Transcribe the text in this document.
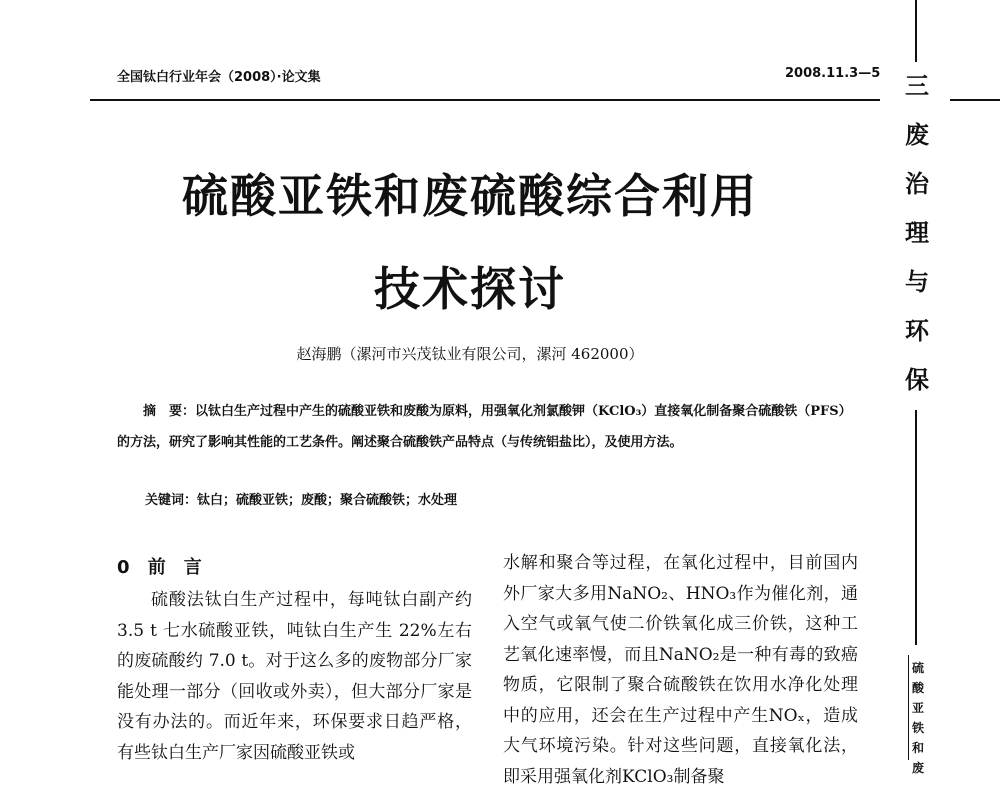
全国钛白行业年会（2008）·论文集	2008.11.3—5
硫酸亚铁和废硫酸综合利用
技术探讨
赵海鹏（漯河市兴茂钛业有限公司，漯河 462000）
摘　要：以钛白生产过程中产生的硫酸亚铁和废酸为原料，用强氧化剂氯酸钾（KClO₃）直接氧化制备聚合硫酸铁（PFS）的方法，研究了影响其性能的工艺条件。阐述聚合硫酸铁产品特点（与传统铝盐比），及使用方法。
关键词：钛白；硫酸亚铁；废酸；聚合硫酸铁；水处理
0 前　言
硫酸法钛白生产过程中，每吨钛白副产约 3.5 t 七水硫酸亚铁，吨钛白生产生 22%左右的废硫酸约 7.0 t。对于这么多的废物部分厂家能处理一部分（回收或外卖），但大部分厂家是没有办法的。而近年来，环保要求日趋严格，有些钛白生产厂家因硫酸亚铁或
水解和聚合等过程，在氧化过程中，目前国内外厂家大多用NaNO₂、HNO₃作为催化剂，通入空气或氧气使二价铁氧化成三价铁，这种工艺氧化速率慢，而且NaNO₂是一种有毒的致癌物质，它限制了聚合硫酸铁在饮用水净化处理中的应用，还会在生产过程中产生NOₓ，造成大气环境污染。针对这些问题，直接氧化法，即采用强氧化剂KClO₃制备聚
三
废
治
理
与
环
保
硫
酸
亚
铁
和
废
